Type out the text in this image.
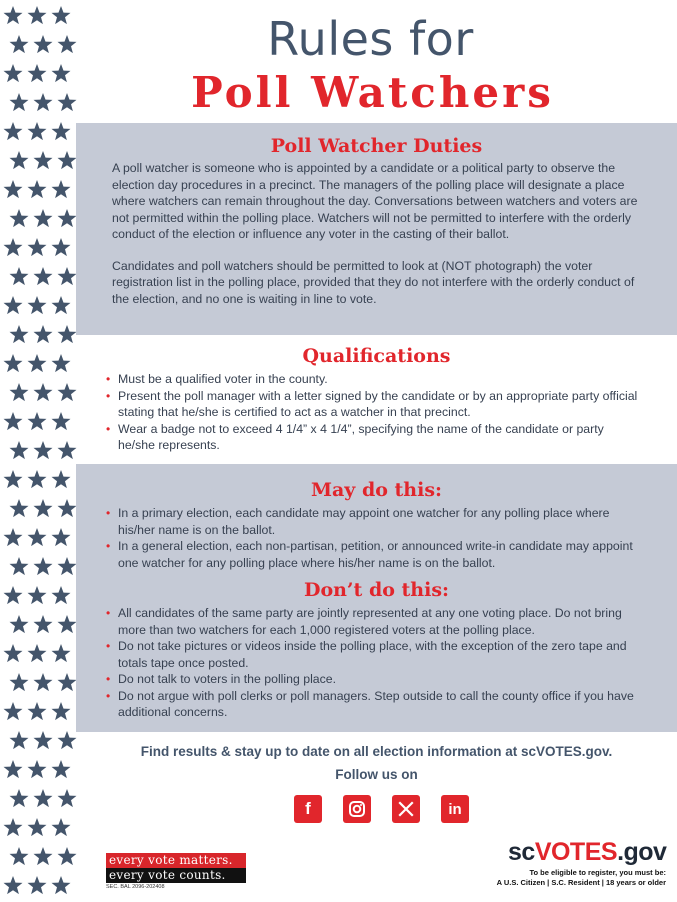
Rules for
Poll Watchers
Poll Watcher Duties

A poll watcher is someone who is appointed by a candidate or a political party to observe the election day procedures in a precinct. The managers of the polling place will designate a place where watchers can remain throughout the day. Conversations between watchers and voters are not permitted within the polling place. Watchers will not be permitted to interfere with the orderly conduct of the election or influence any voter in the casting of their ballot.

Candidates and poll watchers should be permitted to look at (NOT photograph) the voter registration list in the polling place, provided that they do not interfere with the orderly conduct of the election, and no one is waiting in line to vote.

Qualifications
• Must be a qualified voter in the county.
• Present the poll manager with a letter signed by the candidate or by an appropriate party official stating that he/she is certified to act as a watcher in that precinct.
• Wear a badge not to exceed 4 1/4” x 4 1/4”, specifying the name of the candidate or party he/she represents.
May do this:
• In a primary election, each candidate may appoint one watcher for any polling place where his/her name is on the ballot.
• In a general election, each non-partisan, petition, or announced write-in candidate may appoint one watcher for any polling place where his/her name is on the ballot.
Don’t do this:
• All candidates of the same party are jointly represented at any one voting place. Do not bring more than two watchers for each 1,000 registered voters at the polling place.
• Do not take pictures or videos inside the polling place, with the exception of the zero tape and totals tape once posted.
• Do not talk to voters in the polling place.
• Do not argue with poll clerks or poll managers. Step outside to call the county office if you have additional concerns.
Find results & stay up to date on all election information at scVOTES.gov.
Follow us on
f	in
every vote matters.
every vote counts.
SEC. BAL 2096-202408
scVOTES.gov
To be eligible to register, you must be:
A U.S. Citizen | S.C. Resident | 18 years or older
